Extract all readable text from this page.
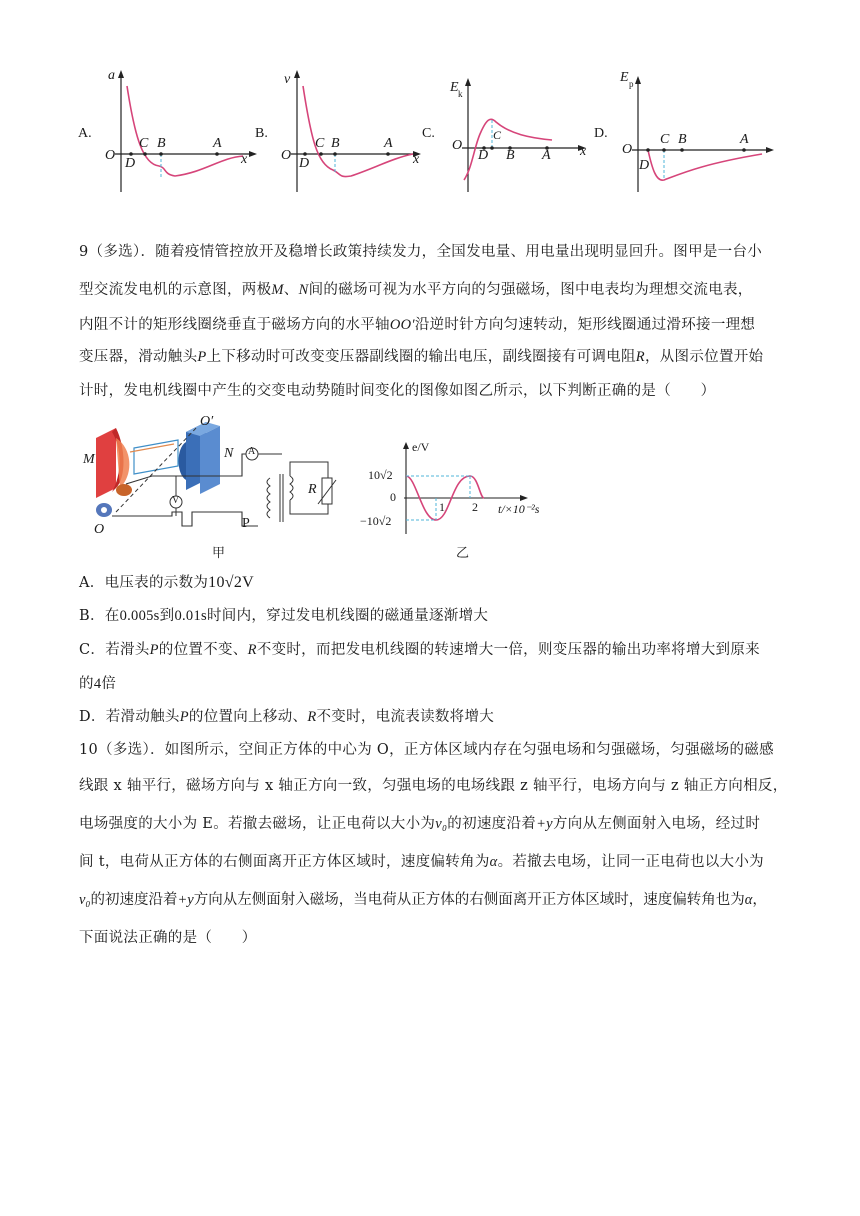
A.
a
O
D
C B	A
x
B.
v
O
D
C B	A
x
C.
E k
O
D
C
B A x
D.
E p
O
D
C B	A
9（多选）．随着疫情管控放开及稳增长政策持续发力，全国发电量、用电量出现明显回升。图甲是一台小
型交流发电机的示意图，两极M、N间的磁场可视为水平方向的匀强磁场，图中电表均为理想交流电表，
内阻不计的矩形线圈绕垂直于磁场方向的水平轴OO′沿逆时针方向匀速转动，矩形线圈通过滑环接一理想
变压器，滑动触头P上下移动时可改变变压器副线圈的输出电压，副线圈接有可调电阻R，从图示位置开始
计时，发电机线圈中产生的交变电动势随时间变化的图像如图乙所示，以下判断正确的是（　　）
M	N
O′
O
A
V
P
R
甲
e/V
10√2
0
−10√2
1 2 t/×10⁻²s
乙
A．电压表的示数为10√2V
B．在0.005s到0.01s时间内，穿过发电机线圈的磁通量逐渐增大
C．若滑头P的位置不变、R不变时，而把发电机线圈的转速增大一倍，则变压器的输出功率将增大到原来
的4倍
D．若滑动触头P的位置向上移动、R不变时，电流表读数将增大
10（多选）．如图所示，空间正方体的中心为 O，正方体区域内存在匀强电场和匀强磁场，匀强磁场的磁感
线跟 x 轴平行，磁场方向与 x 轴正方向一致，匀强电场的电场线跟 z 轴平行，电场方向与 z 轴正方向相反，
电场强度的大小为 E。若撤去磁场，让正电荷以大小为v₀的初速度沿着+y方向从左侧面射入电场，经过时
间 t，电荷从正方体的右侧面离开正方体区域时，速度偏转角为α。若撤去电场，让同一正电荷也以大小为
v₀的初速度沿着+y方向从左侧面射入磁场，当电荷从正方体的右侧面离开正方体区域时，速度偏转角也为α，
下面说法正确的是（　　）
